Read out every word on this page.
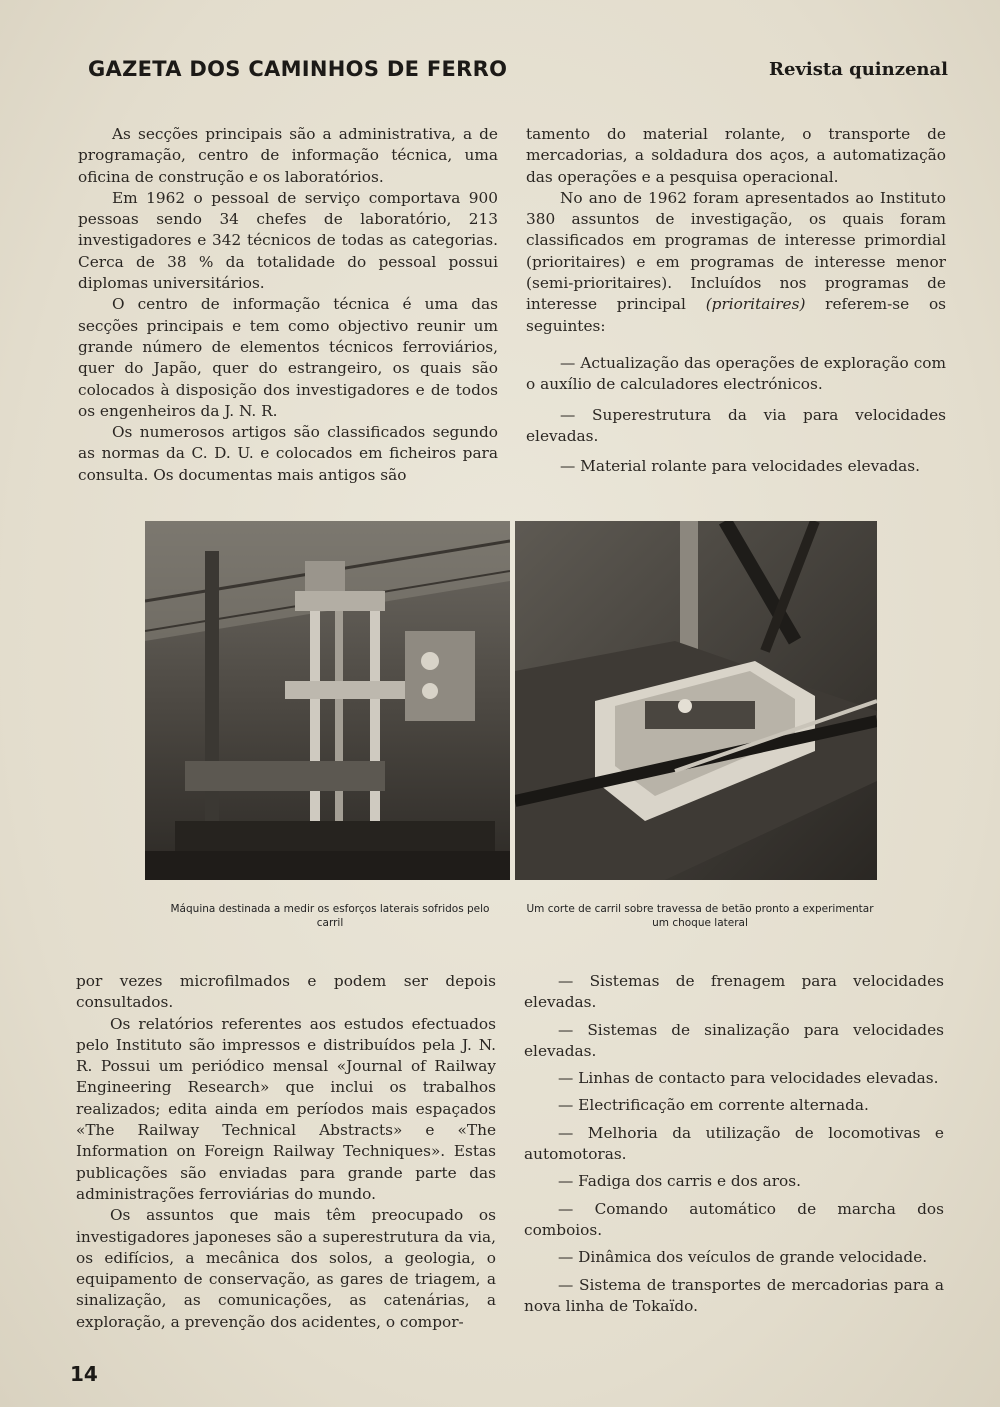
GAZETA DOS CAMINHOS DE FERRO	Revista quinzenal

As secções principais são a administrativa, a de programação, centro de informação técnica, uma oficina de construção e os laboratórios.

Em 1962 o pessoal de serviço comportava 900 pessoas sendo 34 chefes de laboratório, 213 investigadores e 342 técnicos de todas as categorias. Cerca de 38 % da totalidade do pessoal possui diplomas universitários.

O centro de informação técnica é uma das secções principais e tem como objectivo reunir um grande número de elementos técnicos ferroviários, quer do Japão, quer do estrangeiro, os quais são colocados à disposição dos investigadores e de todos os engenheiros da J. N. R.

Os numerosos artigos são classificados segundo as normas da C. D. U. e colocados em ficheiros para consulta. Os documentas mais antigos são

tamento do material rolante, o transporte de mercadorias, a soldadura dos aços, a automatização das operações e a pesquisa operacional.

No ano de 1962 foram apresentados ao Instituto 380 assuntos de investigação, os quais foram classificados em programas de interesse primordial (prioritaires) e em programas de interesse menor (semi-prioritaires). Incluídos nos programas de interesse principal (prioritaires) referem-se os seguintes:

— Actualização das operações de exploração com o auxílio de calculadores electrónicos.

— Superestrutura da via para velocidades elevadas.

— Material rolante para velocidades elevadas.

Máquina destinada a medir os esforços laterais sofridos pelo carril
Um corte de carril sobre travessa de betão pronto a experimentar um choque lateral

por vezes microfilmados e podem ser depois consultados.

Os relatórios referentes aos estudos efectuados pelo Instituto são impressos e distribuídos pela J. N. R. Possui um periódico mensal «Journal of Railway Engineering Research» que inclui os trabalhos realizados; edita ainda em períodos mais espaçados «The Railway Technical Abstracts» e «The Information on Foreign Railway Techniques». Estas publicações são enviadas para grande parte das administrações ferroviárias do mundo.

Os assuntos que mais têm preocupado os investigadores japoneses são a superestrutura da via, os edifícios, a mecânica dos solos, a geologia, o equipamento de conservação, as gares de triagem, a sinalização, as comunicações, as catenárias, a exploração, a prevenção dos acidentes, o compor-

— Sistemas de frenagem para velocidades elevadas.

— Sistemas de sinalização para velocidades elevadas.

— Linhas de contacto para velocidades elevadas.

— Electrificação em corrente alternada.

— Melhoria da utilização de locomotivas e automotoras.

— Fadiga dos carris e dos aros.

— Comando automático de marcha dos comboios.

— Dinâmica dos veículos de grande velocidade.

— Sistema de transportes de mercadorias para a nova linha de Tokaïdo.

14
